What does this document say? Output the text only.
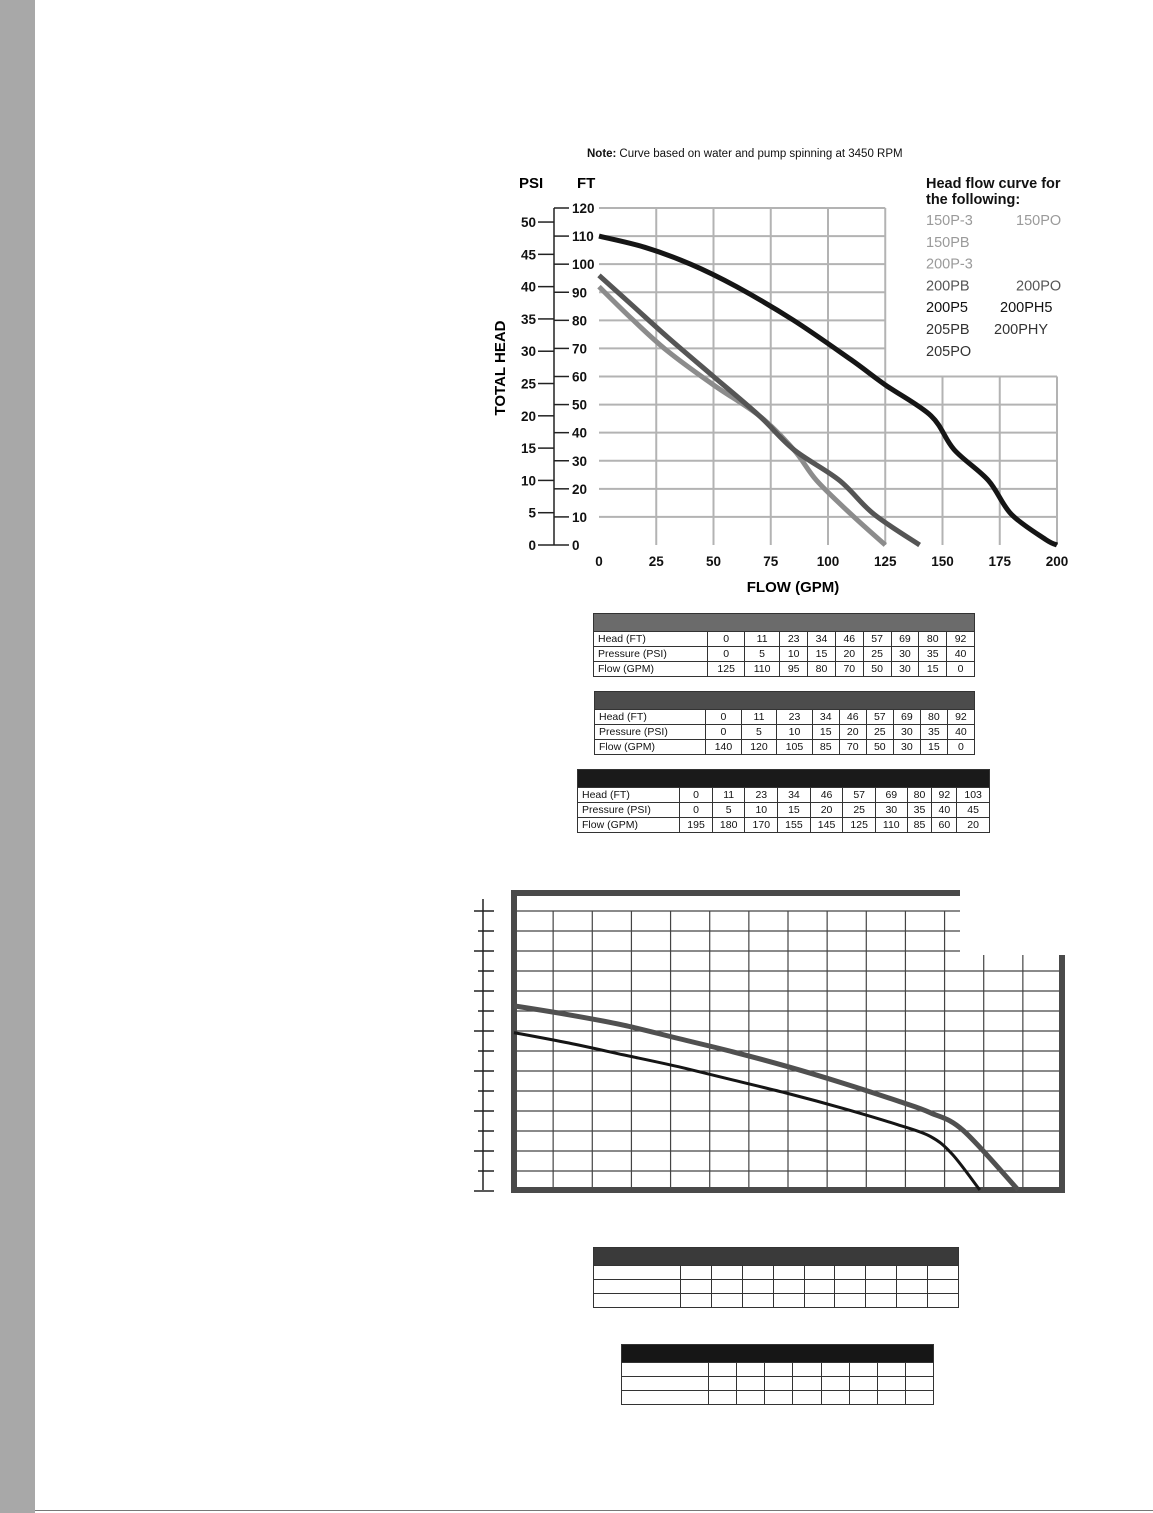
Note: Curve based on water and pump spinning at 3450 RPM
PSI FT
TOTAL HEAD
FLOW (GPM)
0
10
20
30
40
50
60
70
80
90
100
110
120
0
5
10
15
20
25
30
35
40
45
50
0	25	50	75	100	125	150	175	200
Head flow curve for
the following:
150P-3	150PO
150PB
200P-3
200PB	200PO
200P5 200PH5
205PB 200PHY
205PO

Head (FT)	0	11	23	34	46	57	69	80	92
Pressure (PSI)	0	5	10	15	20	25	30	35	40
Flow (GPM)	125	110	95	80	70	50	30	15	0

Head (FT)	0	11	23	34	46	57	69	80	92
Pressure (PSI)	0	5	10	15	20	25	30	35	40
Flow (GPM)	140	120	105	85	70	50	30	15	0

Head (FT)	0	11	23	34	46	57	69	80	92	103
Pressure (PSI)	0	5	10	15	20	25	30	35	40	45
Flow (GPM)	195	180	170	155	145	125	110	85	60	20
